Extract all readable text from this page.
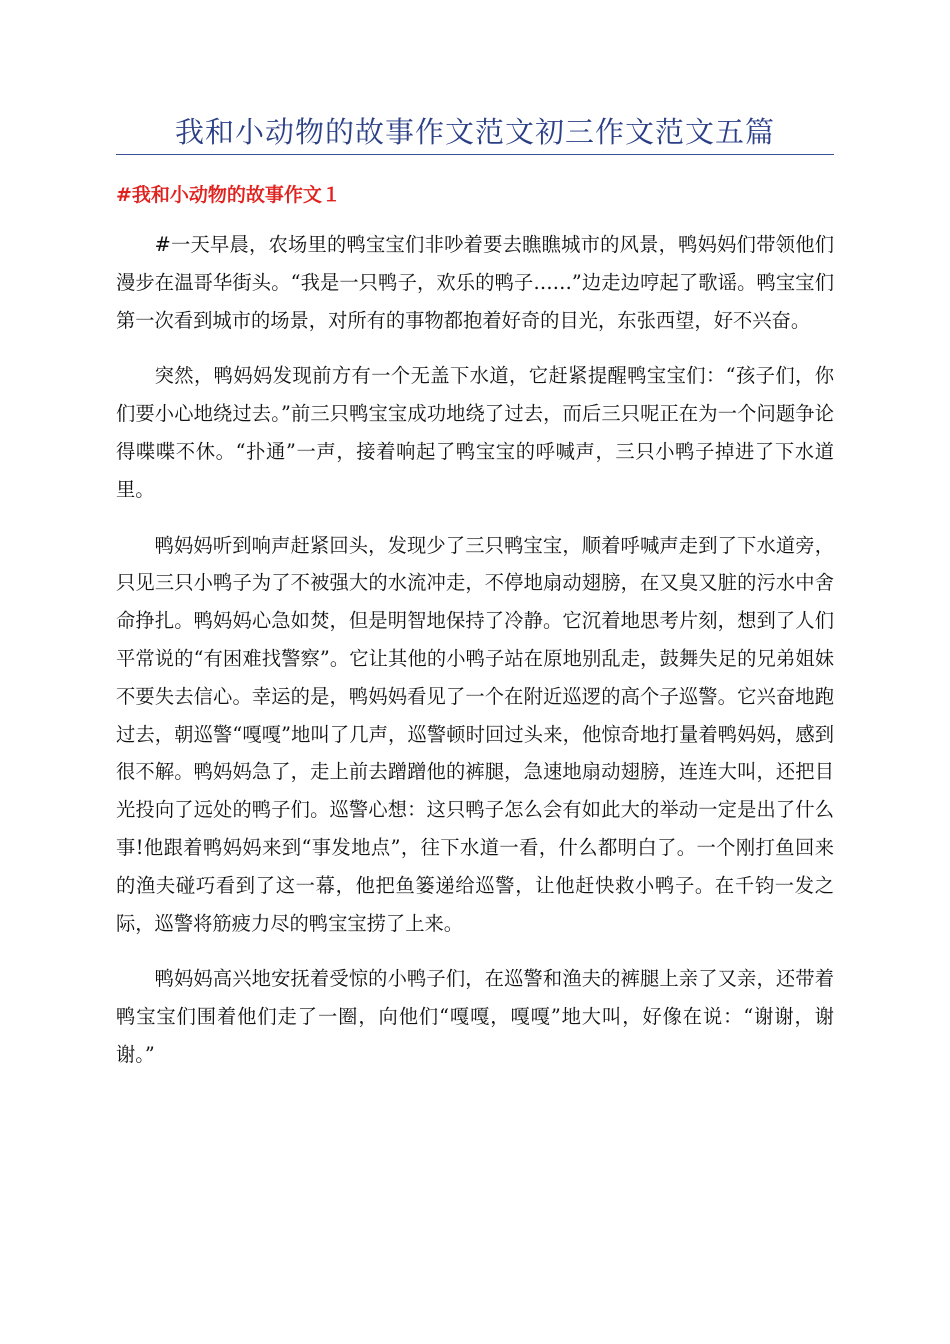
我和小动物的故事作文范文初三作文范文五篇
#我和小动物的故事作文１

#一天早晨，农场里的鸭宝宝们非吵着要去瞧瞧城市的风景，鸭妈妈们带领他们漫步在温哥华街头。“我是一只鸭子，欢乐的鸭子……”边走边哼起了歌谣。鸭宝宝们第一次看到城市的场景，对所有的事物都抱着好奇的目光，东张西望，好不兴奋。

突然，鸭妈妈发现前方有一个无盖下水道，它赶紧提醒鸭宝宝们：“孩子们，你们要小心地绕过去。”前三只鸭宝宝成功地绕了过去，而后三只呢正在为一个问题争论得喋喋不休。“扑通”一声，接着响起了鸭宝宝的呼喊声，三只小鸭子掉进了下水道里。

鸭妈妈听到响声赶紧回头，发现少了三只鸭宝宝，顺着呼喊声走到了下水道旁，只见三只小鸭子为了不被强大的水流冲走，不停地扇动翅膀，在又臭又脏的污水中舍命挣扎。鸭妈妈心急如焚，但是明智地保持了冷静。它沉着地思考片刻，想到了人们平常说的“有困难找警察”。它让其他的小鸭子站在原地别乱走，鼓舞失足的兄弟姐妹不要失去信心。幸运的是，鸭妈妈看见了一个在附近巡逻的高个子巡警。它兴奋地跑过去，朝巡警“嘎嘎”地叫了几声，巡警顿时回过头来，他惊奇地打量着鸭妈妈，感到很不解。鸭妈妈急了，走上前去蹭蹭他的裤腿，急速地扇动翅膀，连连大叫，还把目光投向了远处的鸭子们。巡警心想：这只鸭子怎么会有如此大的举动一定是出了什么事!他跟着鸭妈妈来到“事发地点”，往下水道一看，什么都明白了。一个刚打鱼回来的渔夫碰巧看到了这一幕，他把鱼篓递给巡警，让他赶快救小鸭子。在千钧一发之际，巡警将筋疲力尽的鸭宝宝捞了上来。

鸭妈妈高兴地安抚着受惊的小鸭子们，在巡警和渔夫的裤腿上亲了又亲，还带着鸭宝宝们围着他们走了一圈，向他们“嘎嘎，嘎嘎”地大叫，好像在说：“谢谢，谢谢。”
